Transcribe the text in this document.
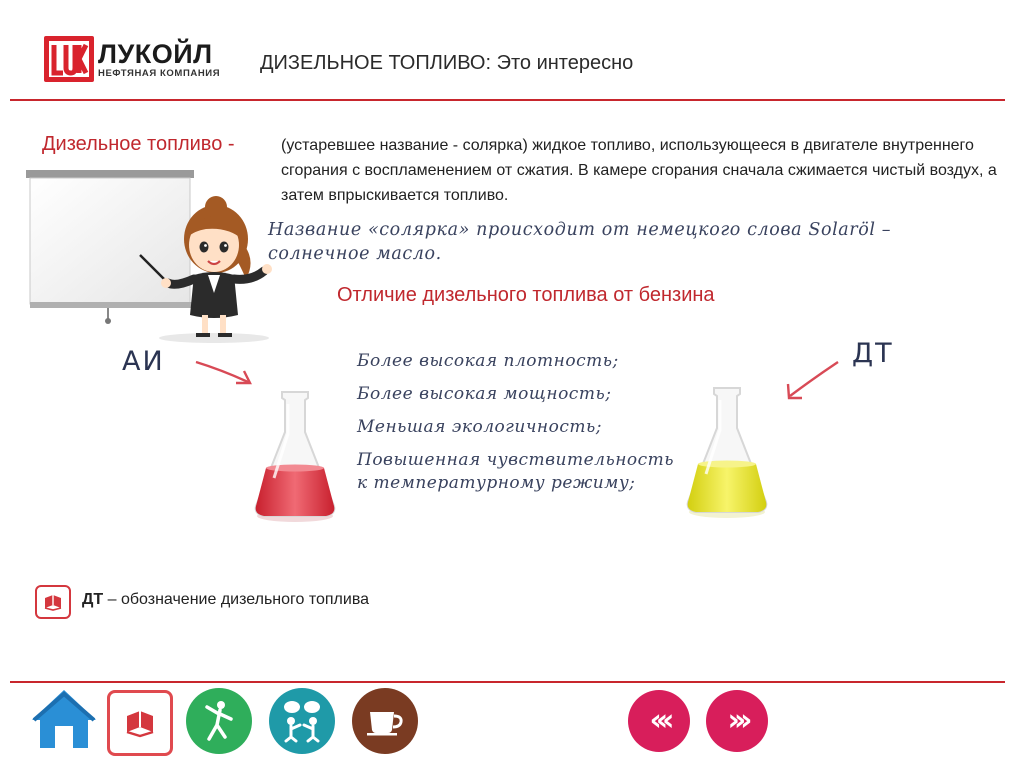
ЛУКОЙЛ
НЕФТЯНАЯ КОМПАНИЯ ДИЗЕЛЬНОЕ ТОПЛИВО: Это интересно
Дизельное топливо -	(устаревшее название - солярка) жидкое топливо, использующееся в двигателе внутреннего сгорания с воспламенением от сжатия. В камере сгорания сначала сжимается чистый воздух, а затем впрыскивается топливо.
Название «солярка» происходит от немецкого слова Solaröl – солнечное масло.
Отличие дизельного топлива от бензина
АИ	ДТ
Более высокая плотность;
Более высокая мощность;
Меньшая экологичность;
Повышенная чувствительность к температурному режиму;
ДТ – обозначение дизельного топлива
‹‹‹ ›››
